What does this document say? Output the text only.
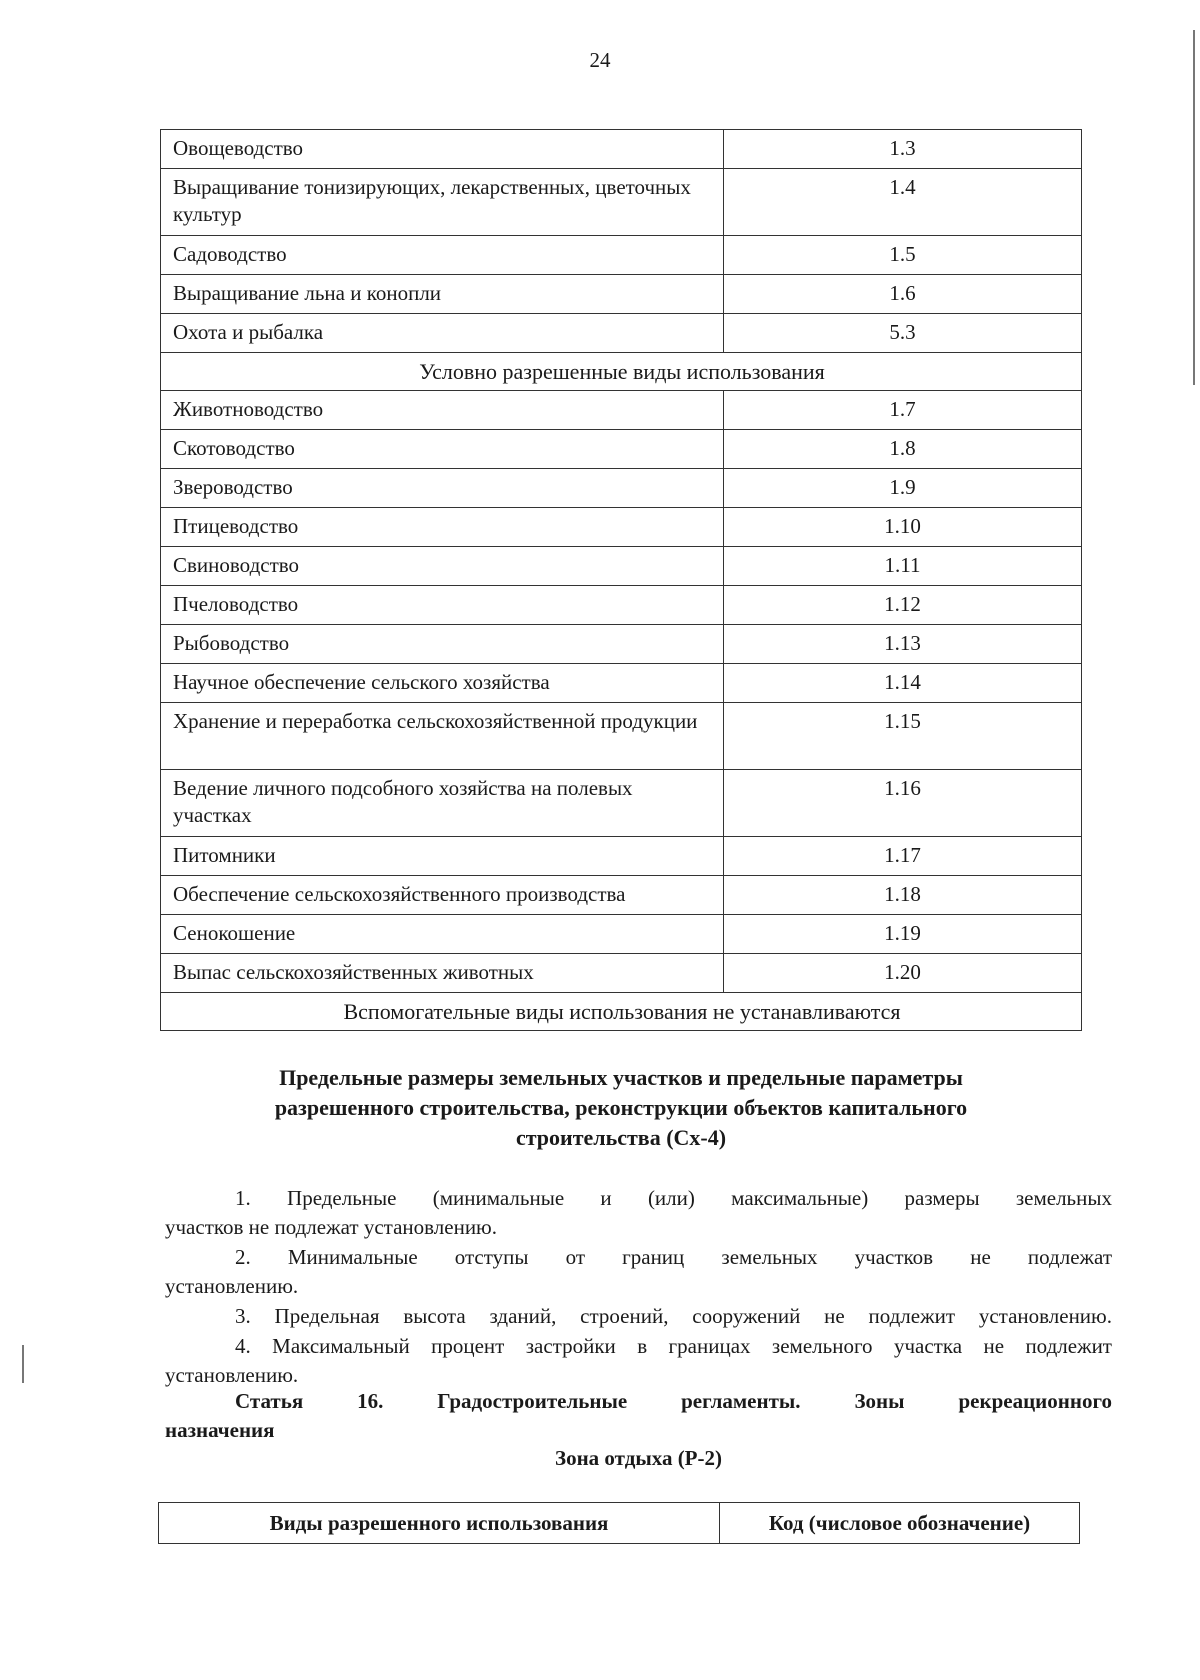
24
Овощеводство	1.3
Выращивание тонизирующих, лекарственных, цветочных культур	1.4
Садоводство	1.5
Выращивание льна и конопли	1.6
Охота и рыбалка	5.3
Условно разрешенные виды использования	
Животноводство	1.7
Скотоводство	1.8
Звероводство	1.9
Птицеводство	1.10
Свиноводство	1.11
Пчеловодство	1.12
Рыбоводство	1.13
Научное обеспечение сельского хозяйства	1.14
Хранение и переработка сельскохозяйственной продукции	1.15
Ведение личного подсобного хозяйства на полевых участках	1.16
Питомники	1.17
Обеспечение сельскохозяйственного производства	1.18
Сенокошение	1.19
Выпас сельскохозяйственных животных	1.20
Вспомогательные виды использования не устанавливаются	
Предельные размеры земельных участков и предельные параметры
разрешенного строительства, реконструкции объектов капитального
строительства (Сх-4)
1. Предельные (минимальные и (или) максимальные) размеры земельных
участков не подлежат установлению.
2. Минимальные отступы от границ земельных участков не подлежат
установлению.
3. Предельная высота зданий, строений, сооружений не подлежит установлению.
4. Максимальный процент застройки в границах земельного участка не подлежит
установлению.
Статья 16. Градостроительные регламенты. Зоны рекреационного
назначения
Зона отдыха (Р-2)
Виды разрешенного использования	Код (числовое обозначение)
